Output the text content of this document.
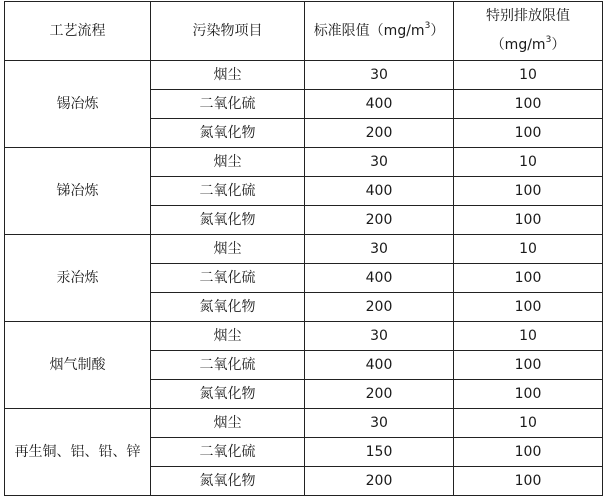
工艺流程	污染物项目	标准限值$(mg/m^3)$	特别排放限值
$(mg/m^3)$

锡冶炼	烟尘	30	10
	二氧化硫	400	100
	氮氧化物	200	100
锑冶炼	烟尘	30	10
	二氧化硫	400	100
	氮氧化物	200	100
汞冶炼	烟尘	30	10
	二氧化硫	400	100
	氮氧化物	200	100
烟气制酸	烟尘	30	10
	二氧化硫	400	100
	氮氧化物	200	100
再生铜、铝、铅、锌	烟尘	30	10
	二氧化硫	150	100
	氮氧化物	200	100
